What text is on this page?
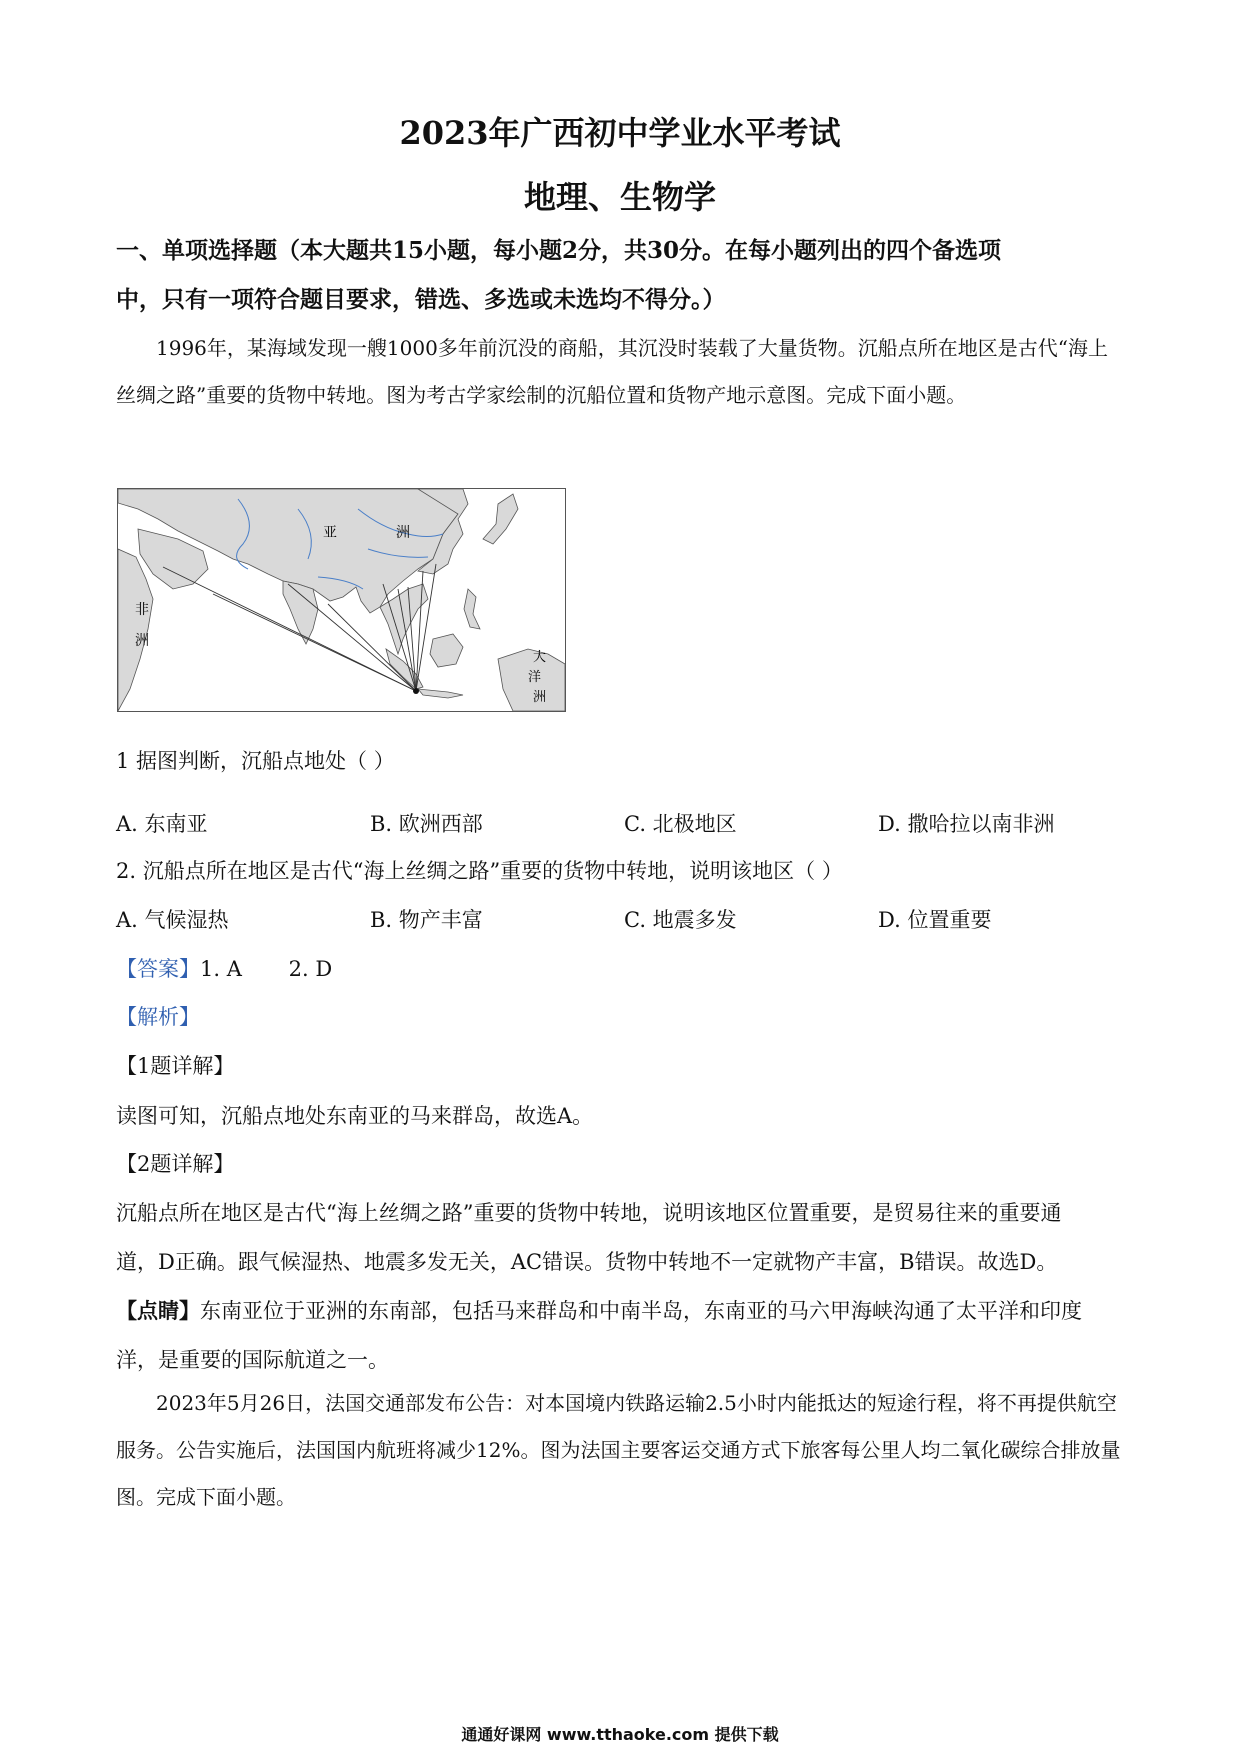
2023年广西初中学业水平考试
地理、生物学
一、单项选择题（本大题共15小题，每小题2分，共30分。在每小题列出的四个备选项
中，只有一项符合题目要求，错选、多选或未选均不得分。）
1996年，某海域发现一艘1000多年前沉没的商船，其沉没时装载了大量货物。沉船点所在地区是古代“海上丝绸之路”重要的货物中转地。图为考古学家绘制的沉船位置和货物产地示意图。完成下面小题。
亚	洲
非
洲
大
洋
洲
1 据图判断，沉船点地处（ ）
A. 东南亚	B. 欧洲西部	C. 北极地区	D. 撒哈拉以南非洲
2. 沉船点所在地区是古代“海上丝绸之路”重要的货物中转地，说明该地区（ ）
A. 气候湿热	B. 物产丰富	C. 地震多发	D. 位置重要
【答案】1. A       2. D
【解析】
【1题详解】
读图可知，沉船点地处东南亚的马来群岛，故选A。
【2题详解】
沉船点所在地区是古代“海上丝绸之路”重要的货物中转地，说明该地区位置重要，是贸易往来的重要通
道，D正确。跟气候湿热、地震多发无关，AC错误。货物中转地不一定就物产丰富，B错误。故选D。
【点睛】东南亚位于亚洲的东南部，包括马来群岛和中南半岛，东南亚的马六甲海峡沟通了太平洋和印度
洋，是重要的国际航道之一。
2023年5月26日，法国交通部发布公告：对本国境内铁路运输2.5小时内能抵达的短途行程，将不再提供航空服务。公告实施后，法国国内航班将减少12%。图为法国主要客运交通方式下旅客每公里人均二氧化碳综合排放量图。完成下面小题。
通通好课网 www.tthaoke.com 提供下载
